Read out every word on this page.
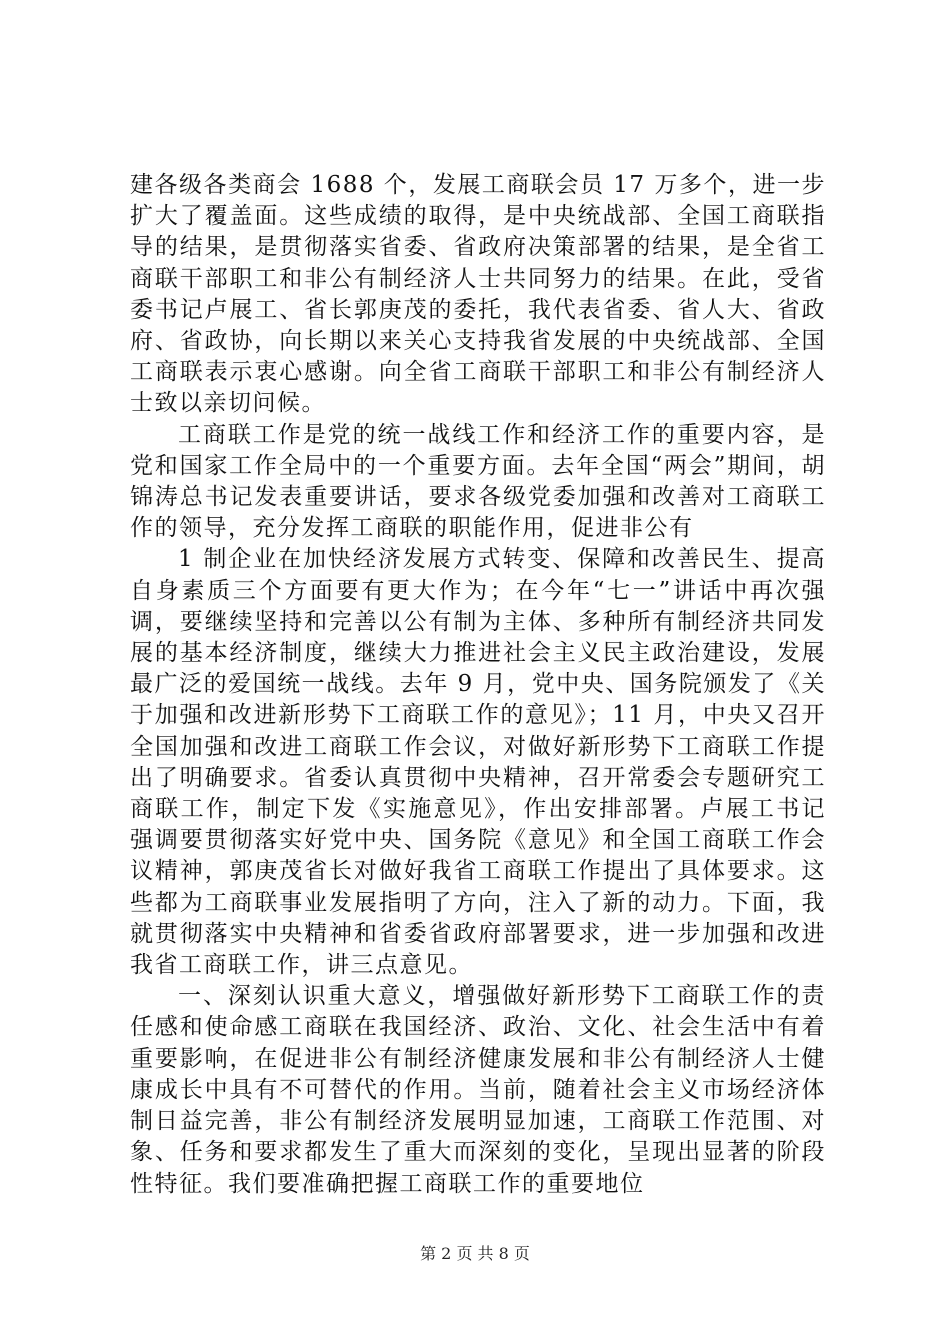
建各级各类商会 1688 个，发展工商联会员 17 万多个，进一步扩大了覆盖面。这些成绩的取得，是中央统战部、全国工商联指导的结果，是贯彻落实省委、省政府决策部署的结果，是全省工商联干部职工和非公有制经济人士共同努力的结果。在此，受省委书记卢展工、省长郭庚茂的委托，我代表省委、省人大、省政府、省政协，向长期以来关心支持我省发展的中央统战部、全国工商联表示衷心感谢。向全省工商联干部职工和非公有制经济人士致以亲切问候。

工商联工作是党的统一战线工作和经济工作的重要内容，是党和国家工作全局中的一个重要方面。去年全国“两会”期间，胡锦涛总书记发表重要讲话，要求各级党委加强和改善对工商联工作的领导，充分发挥工商联的职能作用，促进非公有

1 制企业在加快经济发展方式转变、保障和改善民生、提高自身素质三个方面要有更大作为；在今年“七一”讲话中再次强调，要继续坚持和完善以公有制为主体、多种所有制经济共同发展的基本经济制度，继续大力推进社会主义民主政治建设，发展最广泛的爱国统一战线。去年 9 月，党中央、国务院颁发了《关于加强和改进新形势下工商联工作的意见》；11 月，中央又召开全国加强和改进工商联工作会议，对做好新形势下工商联工作提出了明确要求。省委认真贯彻中央精神，召开常委会专题研究工商联工作，制定下发《实施意见》，作出安排部署。卢展工书记强调要贯彻落实好党中央、国务院《意见》和全国工商联工作会议精神，郭庚茂省长对做好我省工商联工作提出了具体要求。这些都为工商联事业发展指明了方向，注入了新的动力。下面，我就贯彻落实中央精神和省委省政府部署要求，进一步加强和改进我省工商联工作，讲三点意见。

一、深刻认识重大意义，增强做好新形势下工商联工作的责任感和使命感工商联在我国经济、政治、文化、社会生活中有着重要影响，在促进非公有制经济健康发展和非公有制经济人士健康成长中具有不可替代的作用。当前，随着社会主义市场经济体制日益完善，非公有制经济发展明显加速，工商联工作范围、对象、任务和要求都发生了重大而深刻的变化，呈现出显著的阶段性特征。我们要准确把握工商联工作的重要地位

第 2 页 共 8 页
